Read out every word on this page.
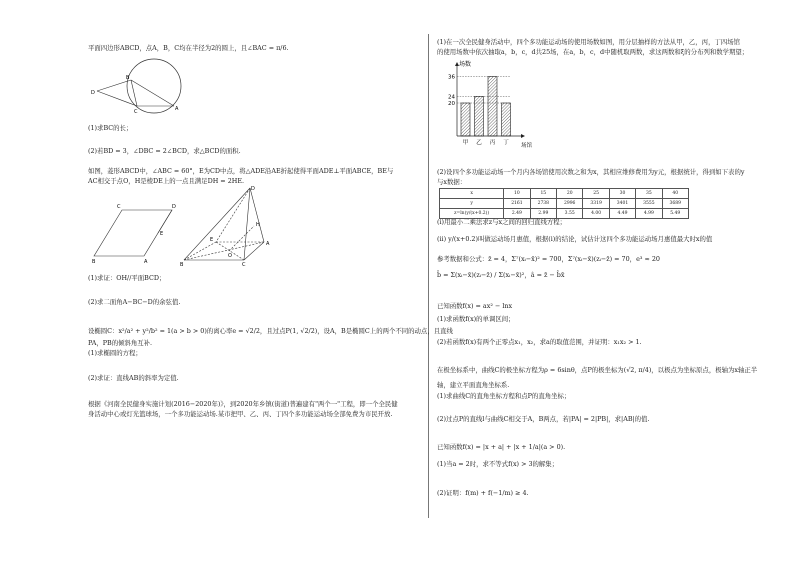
平面四边形ABCD，点A，B，C均在半径为2的圆上，且∠BAC = π/6.
D
B
C	A
(1)求BC的长；
(2)若BD = 3，∠DBC = 2∠BCD，求△BCD的面积.
如图，菱形ABCD中，∠ABC = 60°，E为CD中点，将△ADE沿AE折起使得平面ADE⊥平面ABCE，BE与
AC相交于点O，H是棱DE上的一点且满足DH = 2HE.
C	D
E
B	A
D
H
E
A
O
B	C
(1)求证：OH//平面BCD；
(2)求二面角A−BC−D的余弦值.
设椭圆C：x²/a² + y²/b² = 1(a > b > 0)的离心率e = √2/2，且过点P(1, √2/2)，设A，B是椭圆C上的两个不同的动点，且直线
PA，PB的倾斜角互补.
(1)求椭圆的方程；
(2)求证：直线AB的斜率为定值.
根据《河南全民健身实施计划(2016−2020年)》，到2020年乡镇(街道)普遍建有"两个一"工程，即一个全民健
身活动中心或灯光篮球场，一个多功能运动场.某市把甲、乙、丙、丁四个多功能运动场全部免费为市民开放.
(1)在一次全民健身活动中，四个多功能运动场的使用场数如图，用分层抽样的方法从甲，乙，丙，丁四场馆
的使用场数中依次抽取a，b，c，d共25场，在a，b，c，d中随机取两数，求这两数和ξ的分布列和数学期望；
20
24
36
甲 乙 丙 丁
场数
场馆
(2)设四个多功能运动场一个月内各场馆使用次数之和为x，其相应维修费用为y元，根据统计，得到如下表的y
与x数据：
x	10	15	20	25	30	35	40
y	2161	2738	2996	3319	3401	3555	3689
z=ln(y/(x+0.2))	2.49	2.99	3.55	4.00	4.49	4.99	5.49
(i)用最小二乘法求z与x之间的回归直线方程；
(ii) y/(x+0.2)叫做运动场月惠值，根据(i)的结论，试估计这四个多功能运动场月惠值最大时x的值
参考数据和公式：z̄ = 4，Σ⁷(xᵢ−x̄)² = 700，Σ⁷(xᵢ−x̄)(zᵢ−z̄) = 70，e³ ≈ 20
b̂ = Σ(xᵢ−x̄)(zᵢ−z̄) / Σ(xᵢ−x̄)²，â = z̄ − b̂x̄
已知函数f(x) = ax² − lnx
(1)求函数f(x)的单调区间；
(2)若函数f(x)有两个正零点x₁，x₂，求a的取值范围，并证明：x₁x₂ > 1.
在极坐标系中，曲线C的极坐标方程为ρ = 6sinθ，点P的极坐标为(√2, π/4)，以极点为坐标原点，极轴为x轴正半
轴，建立平面直角坐标系.
(1)求曲线C的直角坐标方程和点P的直角坐标；
(2)过点P的直线l与曲线C相交于A，B两点，若|PA| = 2|PB|，求|AB|的值.
已知函数f(x) = |x + a| + |x + 1/a|(a > 0).
(1)当a = 2时，求不等式f(x) > 3的解集；
(2)证明：f(m) + f(−1/m) ≥ 4.
